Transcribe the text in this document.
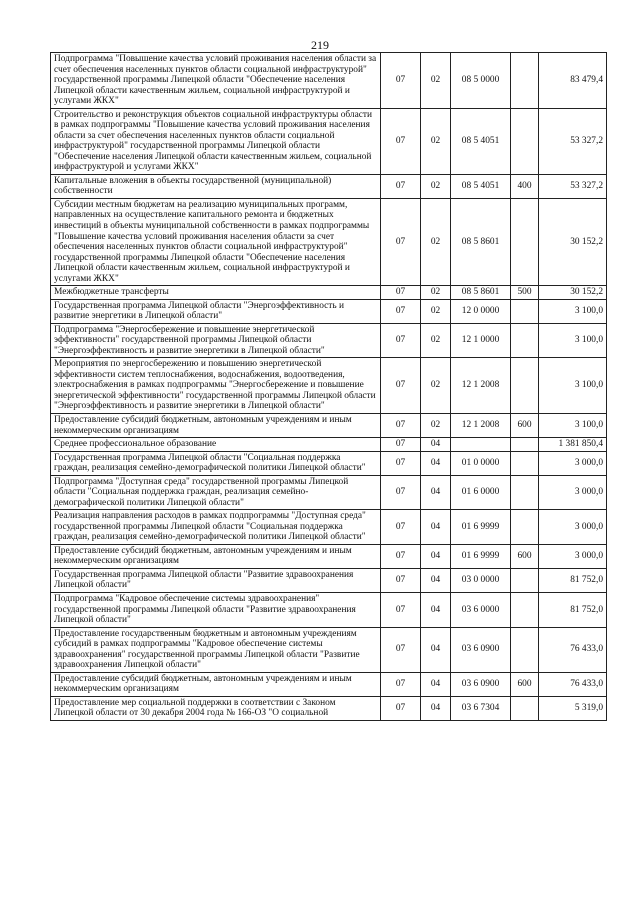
219
Подпрограмма "Повышение качества условий проживания населения области за счет обеспечения населенных пунктов области социальной инфраструктурой" государственной программы Липецкой области "Обеспечение населения Липецкой области качественным жильем, социальной инфраструктурой и услугами ЖКХ"	07	02	08 5 0000		83 479,4
Строительство и реконструкция объектов социальной инфраструктуры области в рамках подпрограммы "Повышение качества условий проживания населения области за счет обеспечения населенных пунктов области социальной инфраструктурой" государственной программы Липецкой области "Обеспечение населения Липецкой области качественным жильем, социальной инфраструктурой и услугами ЖКХ"	07	02	08 5 4051		53 327,2
Капитальные вложения в объекты государственной (муниципальной) собственности	07	02	08 5 4051	400	53 327,2
Субсидии местным бюджетам на реализацию муниципальных программ, направленных на осуществление капитального ремонта и бюджетных инвестиций в объекты муниципальной собственности в рамках подпрограммы "Повышение качества условий проживания населения области за счет обеспечения населенных пунктов области социальной инфраструктурой" государственной программы Липецкой области "Обеспечение населения Липецкой области качественным жильем, социальной инфраструктурой и услугами ЖКХ"	07	02	08 5 8601		30 152,2
Межбюджетные трансферты	07	02	08 5 8601	500	30 152,2
Государственная программа Липецкой области "Энергоэффективность и развитие энергетики в Липецкой области"	07	02	12 0 0000		3 100,0
Подпрограмма "Энергосбережение и повышение энергетической эффективности" государственной программы Липецкой области "Энергоэффективность и развитие энергетики в Липецкой области"	07	02	12 1 0000		3 100,0
Мероприятия по энергосбережению и повышению энергетической эффективности систем теплоснабжения, водоснабжения, водоотведения, электроснабжения в рамках подпрограммы "Энергосбережение и повышение энергетической эффективности" государственной программы Липецкой области "Энергоэффективность и развитие энергетики в Липецкой области"	07	02	12 1 2008		3 100,0
Предоставление субсидий бюджетным, автономным учреждениям и иным некоммерческим организациям	07	02	12 1 2008	600	3 100,0
Среднее профессиональное образование	07	04			1 381 850,4
Государственная программа Липецкой области "Социальная поддержка граждан, реализация семейно-демографической политики Липецкой области"	07	04	01 0 0000		3 000,0
Подпрограмма "Доступная среда" государственной программы Липецкой области "Социальная поддержка граждан, реализация семейно-демографической политики Липецкой области"	07	04	01 6 0000		3 000,0
Реализация направления расходов в рамках подпрограммы "Доступная среда" государственной программы Липецкой области "Социальная поддержка граждан, реализация семейно-демографической политики Липецкой области"	07	04	01 6 9999		3 000,0
Предоставление субсидий бюджетным, автономным учреждениям и иным некоммерческим организациям	07	04	01 6 9999	600	3 000,0
Государственная программа Липецкой области "Развитие здравоохранения Липецкой области"	07	04	03 0 0000		81 752,0
Подпрограмма "Кадровое обеспечение системы здравоохранения" государственной программы Липецкой области "Развитие здравоохранения Липецкой области"	07	04	03 6 0000		81 752,0
Предоставление государственным бюджетным и автономным учреждениям субсидий в рамках подпрограммы "Кадровое обеспечение системы здравоохранения" государственной программы Липецкой области "Развитие здравоохранения Липецкой области"	07	04	03 6 0900		76 433,0
Предоставление субсидий бюджетным, автономным учреждениям и иным некоммерческим организациям	07	04	03 6 0900	600	76 433,0
Предоставление мер социальной поддержки в соответствии с Законом Липецкой области от 30 декабря 2004 года № 166-ОЗ "О социальной	07	04	03 6 7304		5 319,0
